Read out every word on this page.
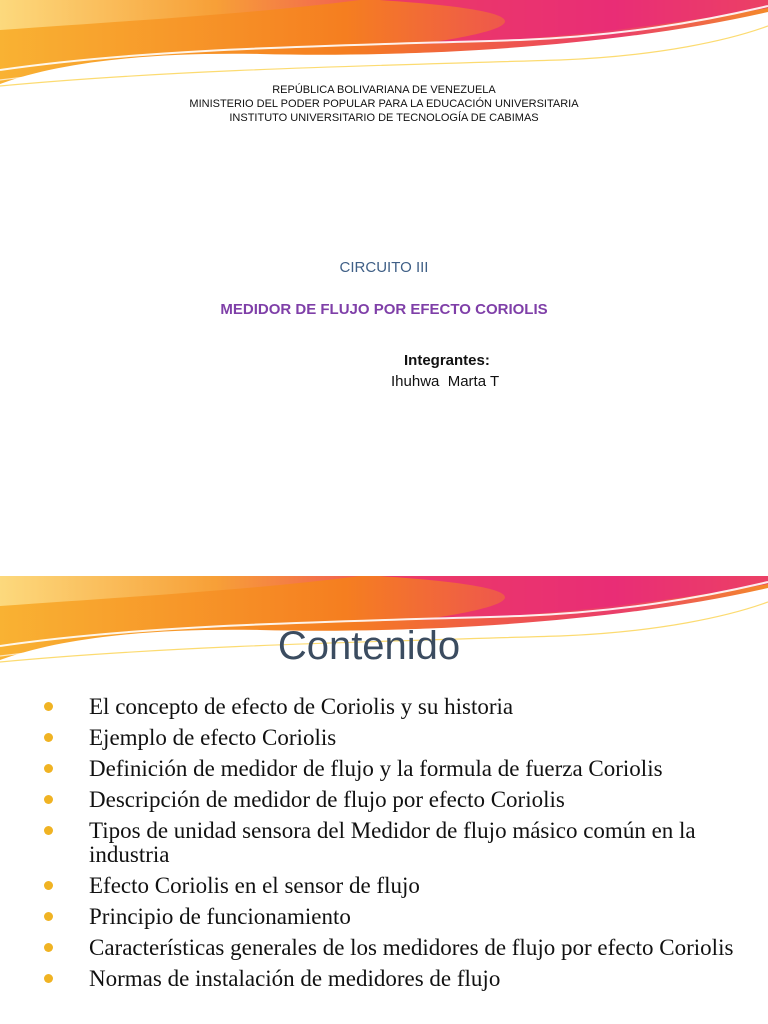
REPÚBLICA BOLIVARIANA DE VENEZUELA
MINISTERIO DEL PODER POPULAR PARA LA EDUCACIÓN UNIVERSITARIA
INSTITUTO UNIVERSITARIO DE TECNOLOGÍA DE CABIMAS
CIRCUITO III
MEDIDOR DE FLUJO POR EFECTO CORIOLIS
Integrantes:
Ihuhwa  Marta T
Contenido
El concepto de efecto de Coriolis y su historia
Ejemplo de efecto Coriolis
Definición de medidor de flujo y la formula de fuerza Coriolis
Descripción de medidor de flujo por efecto Coriolis
Tipos de unidad sensora del Medidor de flujo másico común en la industria
Efecto Coriolis en el sensor de flujo
Principio de funcionamiento
Características generales de los medidores de flujo por efecto Coriolis
Normas de instalación de medidores de flujo
